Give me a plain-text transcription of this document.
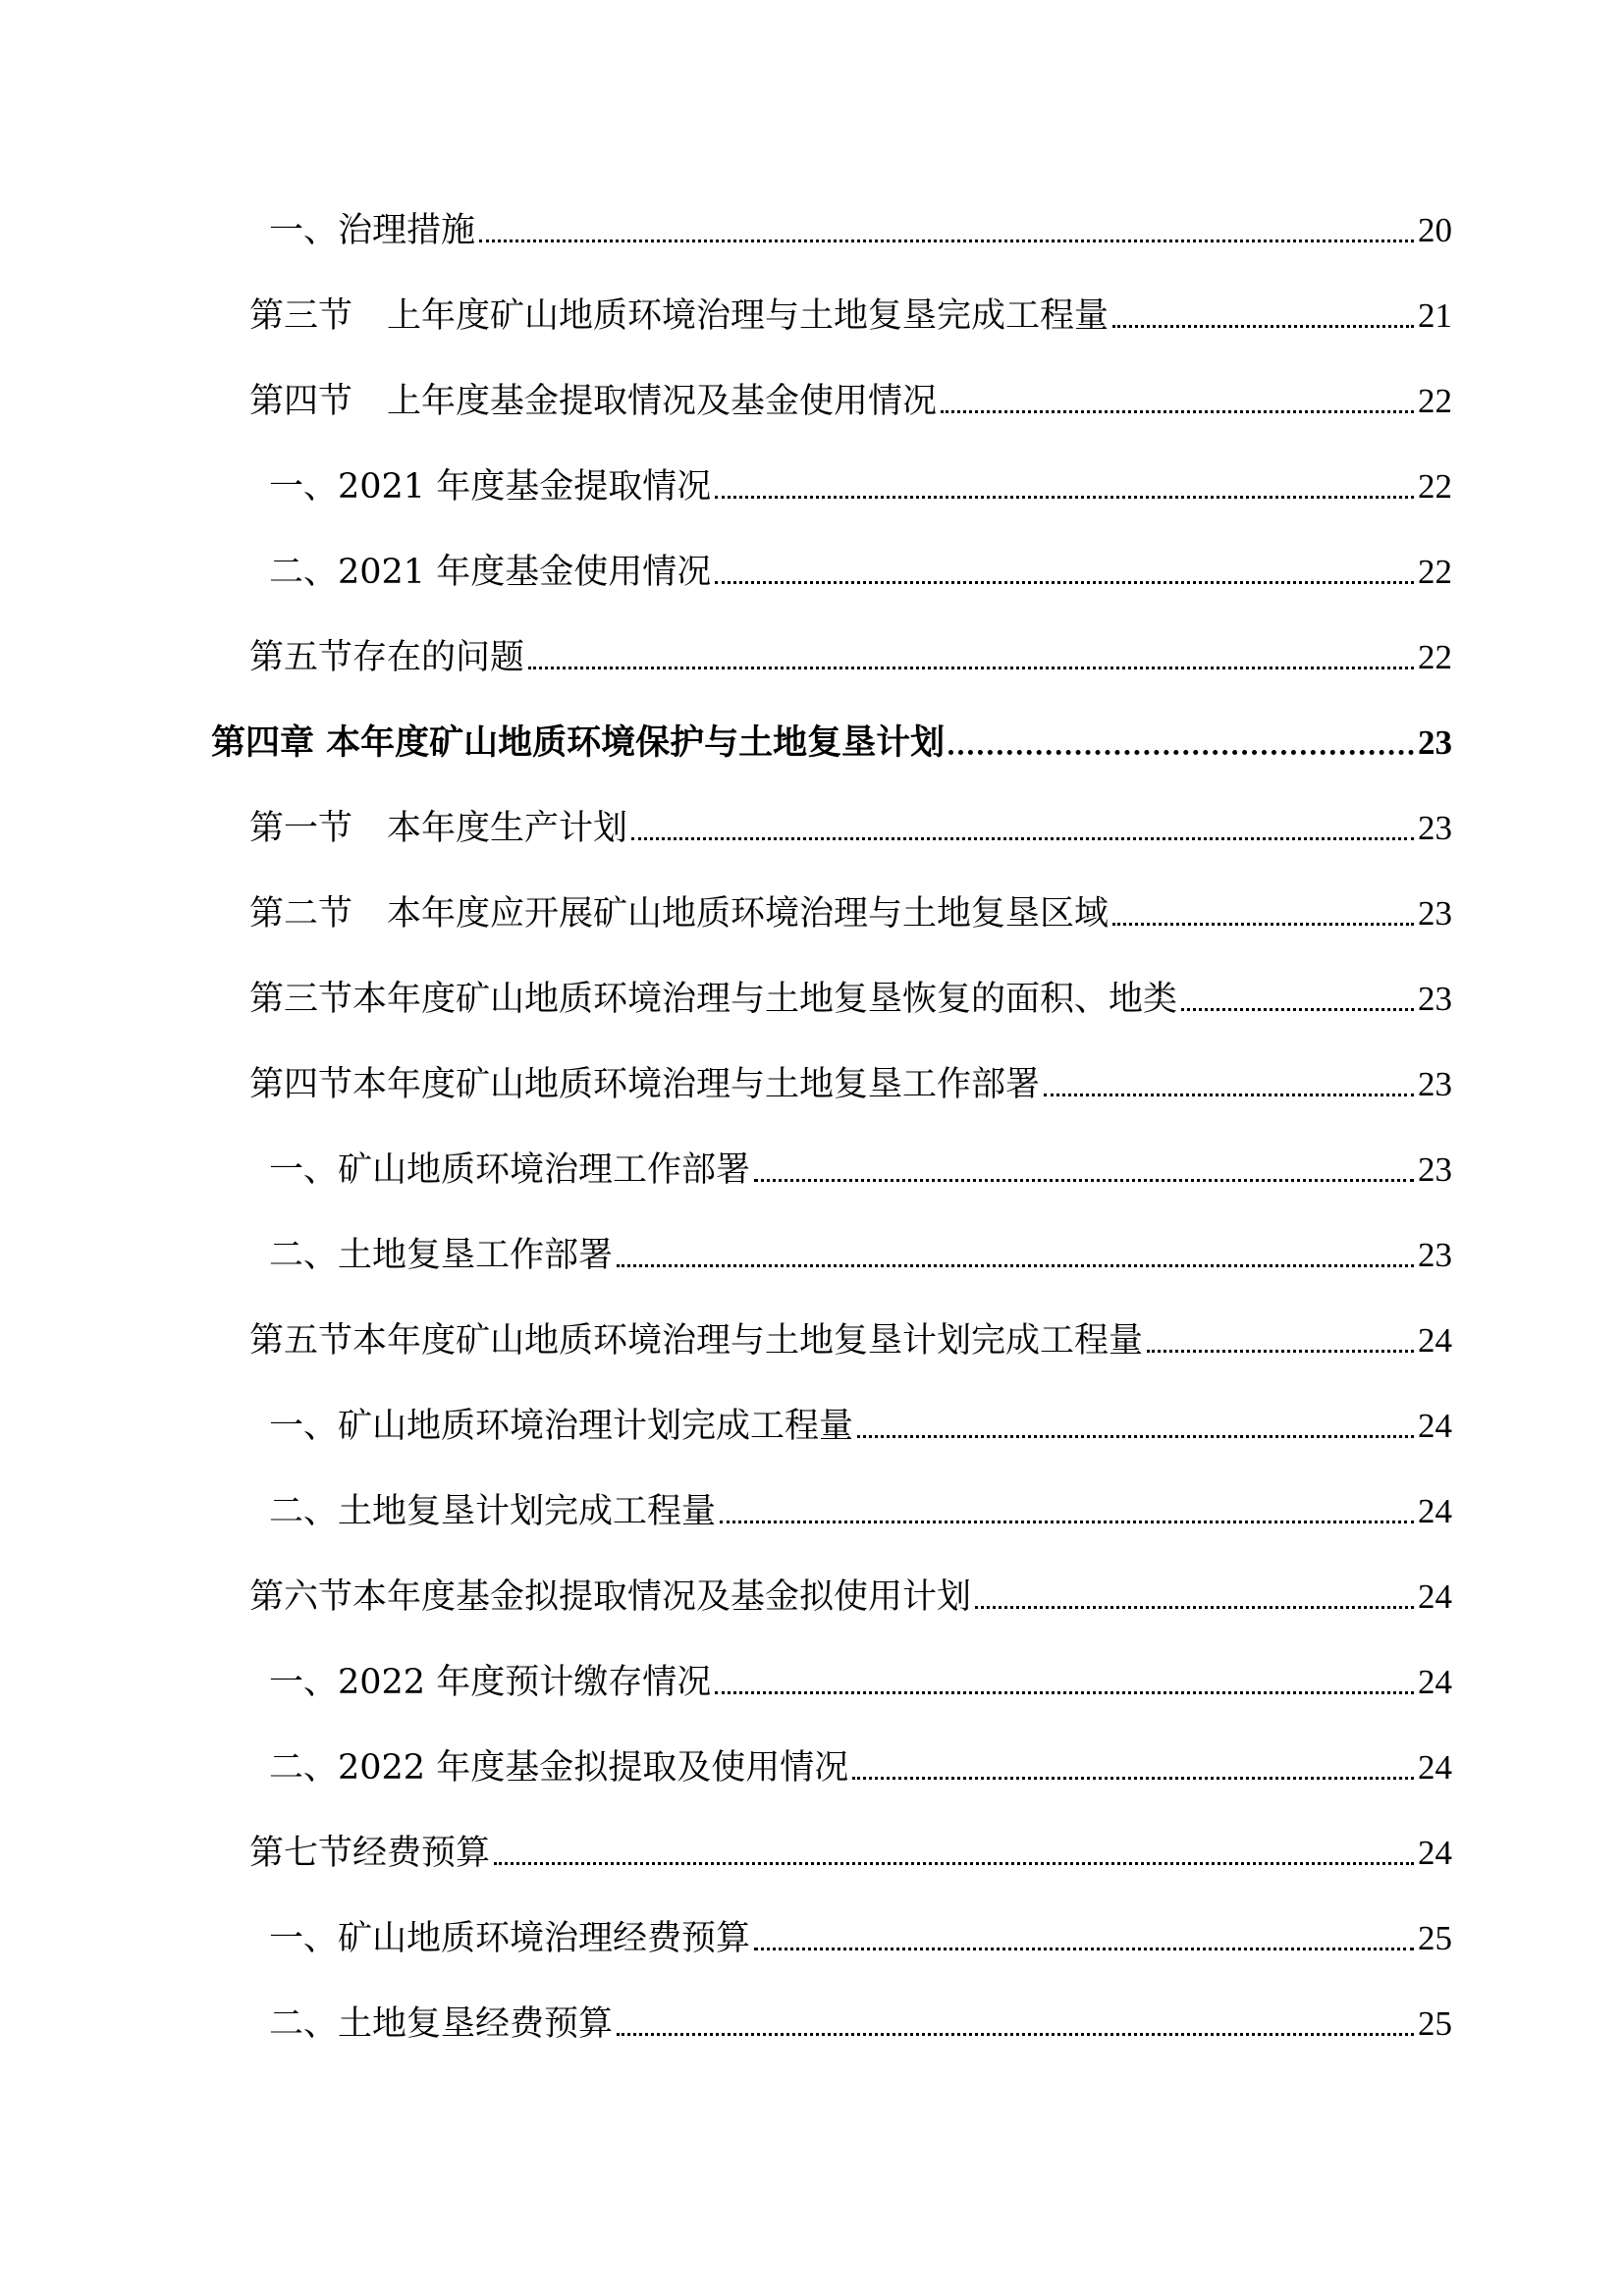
一、治理措施	20
第三节　上年度矿山地质环境治理与土地复垦完成工程量	21
第四节　上年度基金提取情况及基金使用情况	22
一、2021 年度基金提取情况	22
二、2021 年度基金使用情况	22
第五节存在的问题	22
第四章 本年度矿山地质环境保护与土地复垦计划	23
第一节　本年度生产计划	23
第二节　本年度应开展矿山地质环境治理与土地复垦区域	23
第三节本年度矿山地质环境治理与土地复垦恢复的面积、地类	23
第四节本年度矿山地质环境治理与土地复垦工作部署	23
一、矿山地质环境治理工作部署	23
二、土地复垦工作部署	23
第五节本年度矿山地质环境治理与土地复垦计划完成工程量	24
一、矿山地质环境治理计划完成工程量	24
二、土地复垦计划完成工程量	24
第六节本年度基金拟提取情况及基金拟使用计划	24
一、2022 年度预计缴存情况	24
二、2022 年度基金拟提取及使用情况	24
第七节经费预算	24
一、矿山地质环境治理经费预算	25
二、土地复垦经费预算	25
